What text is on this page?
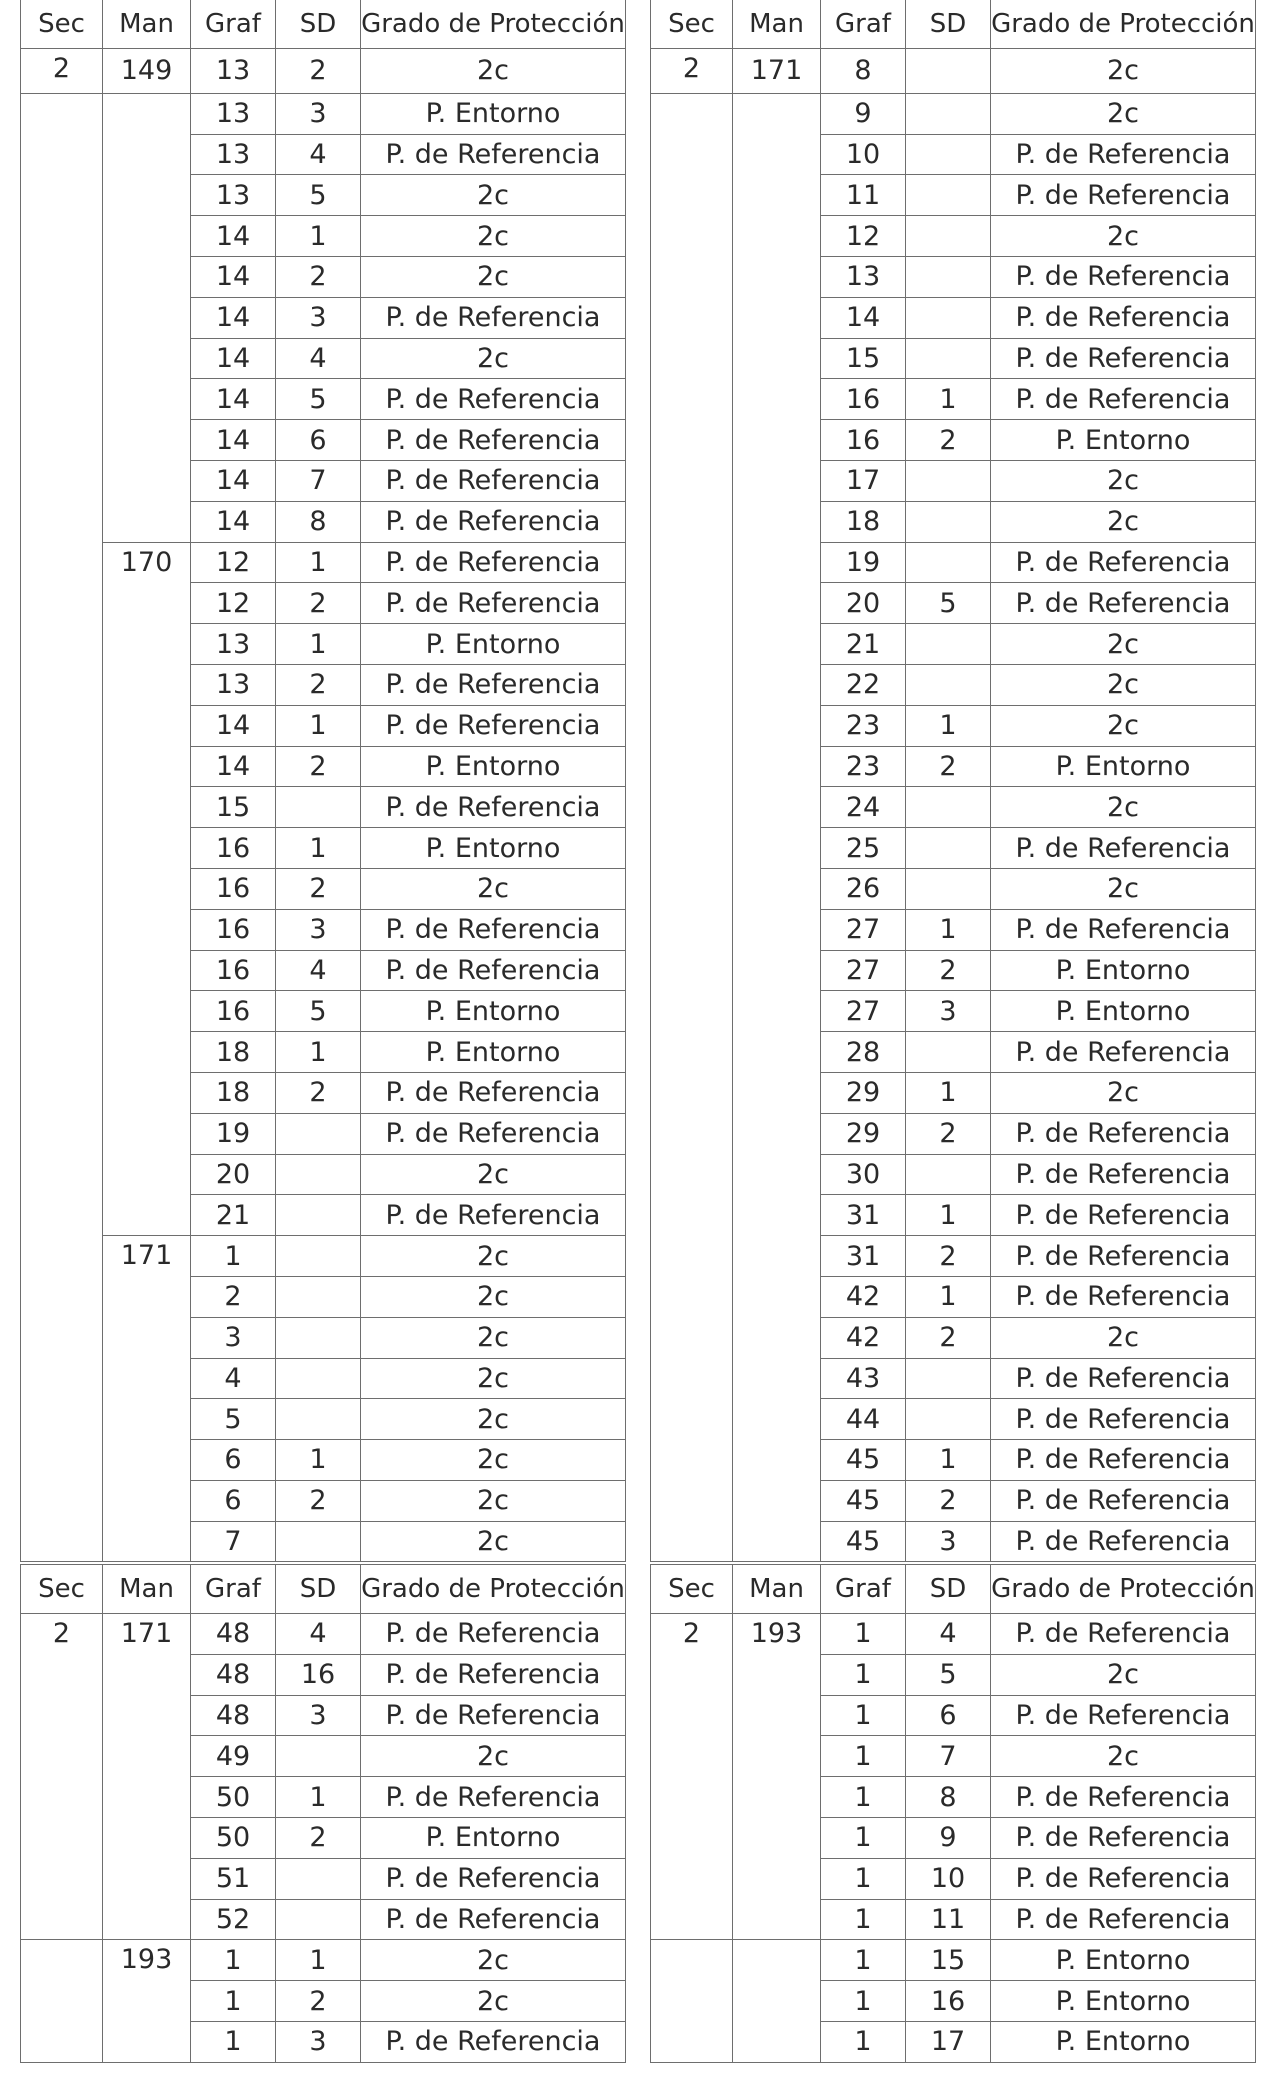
Sec	Man	Graf	SD	Grado de Protección
2	149	13	2	2c
		13	3	P. Entorno
		13	4	P. de Referencia
		13	5	2c
		14	1	2c
		14	2	2c
		14	3	P. de Referencia
		14	4	2c
		14	5	P. de Referencia
		14	6	P. de Referencia
		14	7	P. de Referencia
		14	8	P. de Referencia
	170	12	1	P. de Referencia
		12	2	P. de Referencia
		13	1	P. Entorno
		13	2	P. de Referencia
		14	1	P. de Referencia
		14	2	P. Entorno
		15		P. de Referencia
		16	1	P. Entorno
		16	2	2c
		16	3	P. de Referencia
		16	4	P. de Referencia
		16	5	P. Entorno
		18	1	P. Entorno
		18	2	P. de Referencia
		19		P. de Referencia
		20		2c
		21		P. de Referencia
	171	1		2c
		2		2c
		3		2c
		4		2c
		5		2c
		6	1	2c
		6	2	2c
		7		2c
Sec	Man	Graf	SD	Grado de Protección
2	171	8		2c
		9		2c
		10		P. de Referencia
		11		P. de Referencia
		12		2c
		13		P. de Referencia
		14		P. de Referencia
		15		P. de Referencia
		16	1	P. de Referencia
		16	2	P. Entorno
		17		2c
		18		2c
		19		P. de Referencia
		20	5	P. de Referencia
		21		2c
		22		2c
		23	1	2c
		23	2	P. Entorno
		24		2c
		25		P. de Referencia
		26		2c
		27	1	P. de Referencia
		27	2	P. Entorno
		27	3	P. Entorno
		28		P. de Referencia
		29	1	2c
		29	2	P. de Referencia
		30		P. de Referencia
		31	1	P. de Referencia
		31	2	P. de Referencia
		42	1	P. de Referencia
		42	2	2c
		43		P. de Referencia
		44		P. de Referencia
		45	1	P. de Referencia
		45	2	P. de Referencia
		45	3	P. de Referencia
Sec	Man	Graf	SD	Grado de Protección
2	171	48	4	P. de Referencia
		48	16	P. de Referencia
		48	3	P. de Referencia
		49		2c
		50	1	P. de Referencia
		50	2	P. Entorno
		51		P. de Referencia
		52		P. de Referencia
	193	1	1	2c
		1	2	2c
		1	3	P. de Referencia
Sec	Man	Graf	SD	Grado de Protección
2	193	1	4	P. de Referencia
		1	5	2c
		1	6	P. de Referencia
		1	7	2c
		1	8	P. de Referencia
		1	9	P. de Referencia
		1	10	P. de Referencia
		1	11	P. de Referencia
		1	15	P. Entorno
		1	16	P. Entorno
		1	17	P. Entorno
